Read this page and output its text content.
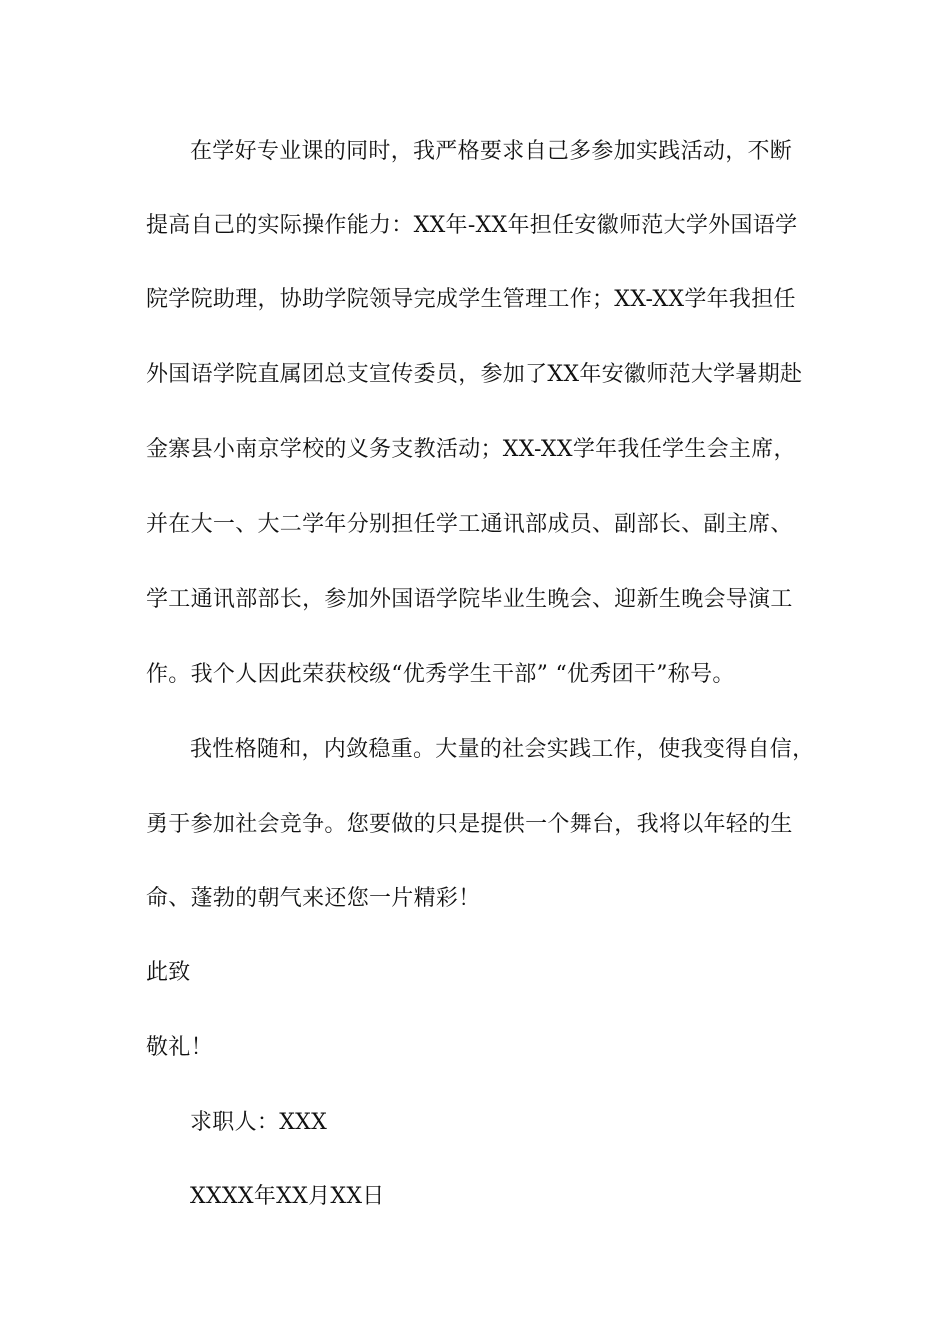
在学好专业课的同时，我严格要求自己多参加实践活动，不断
提高自己的实际操作能力：XX年-XX年担任安徽师范大学外国语学
院学院助理，协助学院领导完成学生管理工作；XX-XX学年我担任
外国语学院直属团总支宣传委员，参加了XX年安徽师范大学暑期赴
金寨县小南京学校的义务支教活动；XX-XX学年我任学生会主席，
并在大一、大二学年分别担任学工通讯部成员、副部长、副主席、
学工通讯部部长，参加外国语学院毕业生晚会、迎新生晚会导演工
作。我个人因此荣获校级“优秀学生干部” “优秀团干”称号。
我性格随和，内敛稳重。大量的社会实践工作，使我变得自信，
勇于参加社会竞争。您要做的只是提供一个舞台，我将以年轻的生
命、蓬勃的朝气来还您一片精彩！
此致
敬礼！
求职人：XXX
XXXX年XX月XX日
